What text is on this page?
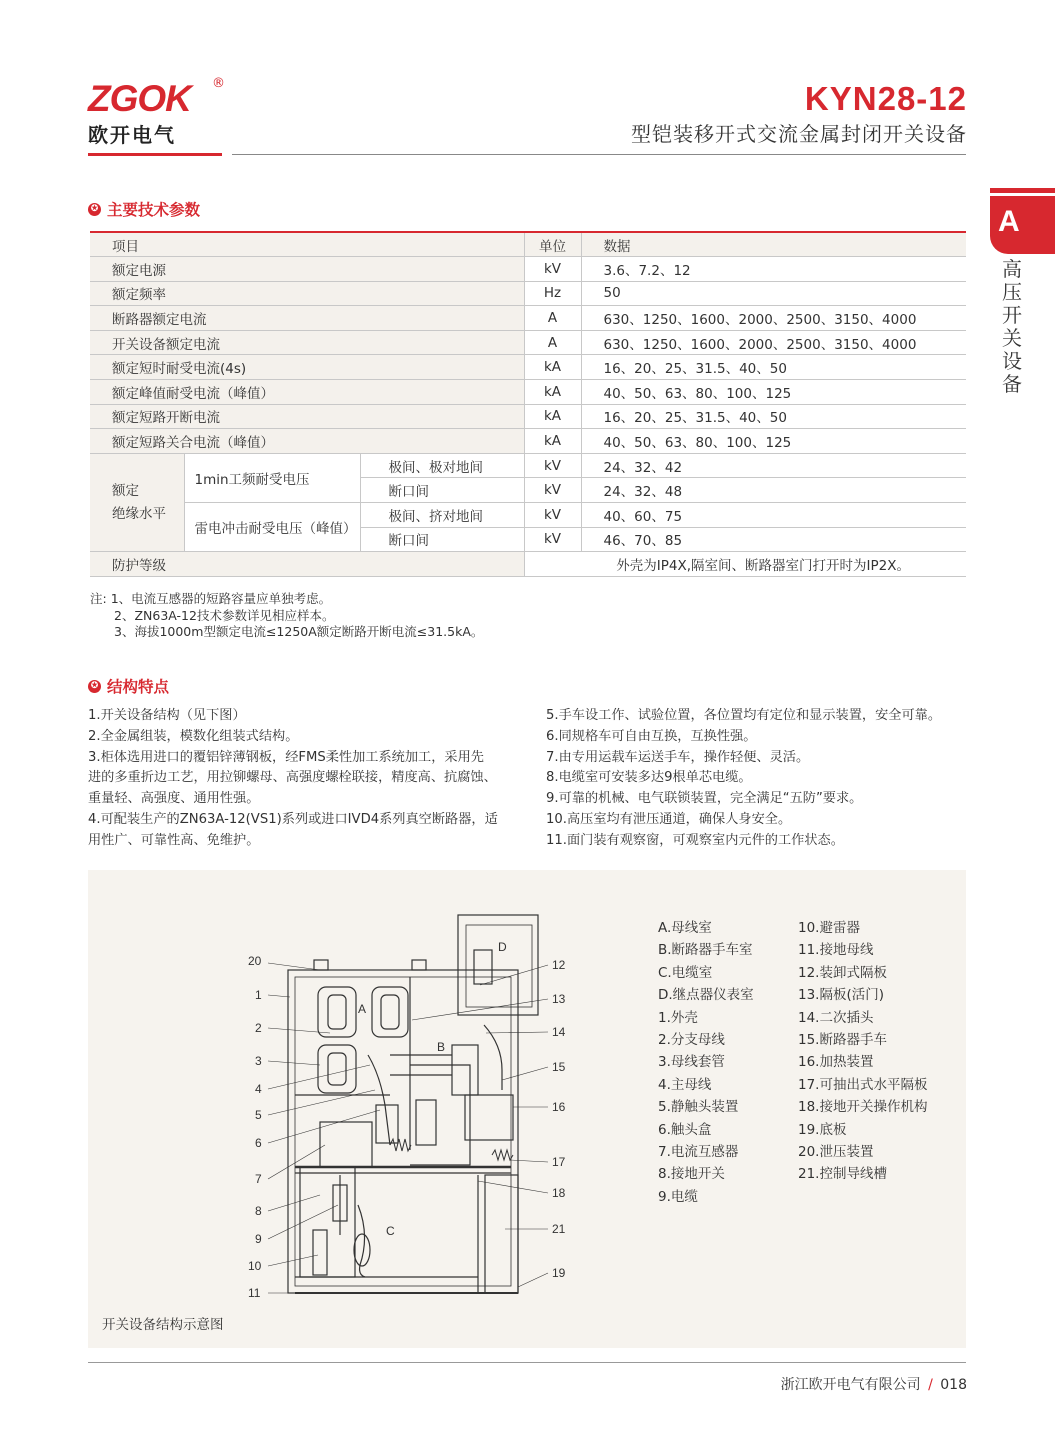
ZGOK	®
欧开电气
KYN28-12
型铠装移开式交流金属封闭开关设备
A
高
压
开
关
设
备
✪ 主要技术参数
项目			单位	数据
额定电源			kV	3.6、7.2、12
额定频率			Hz	50
断路器额定电流			A	630、1250、1600、2000、2500、3150、4000
开关设备额定电流			A	630、1250、1600、2000、2500、3150、4000
额定短时耐受电流(4s)			kA	16、20、25、31.5、40、50
额定峰值耐受电流（峰值）			kA	40、50、63、80、100、125
额定短路开断电流			kA	16、20、25、31.5、40、50
额定短路关合电流（峰值）			kA	40、50、63、80、100、125
额定
绝缘水平	1min工频耐受电压	极间、极对地间	kV	24、32、42
		断口间	kV	24、32、48
	雷电冲击耐受电压（峰值）	极间、挤对地间	kV	40、60、75
		断口间	kV	46、70、85
防护等级			外壳为IP4X,隔室间、断路器室门打开时为IP2X。	
注: 1、电流互感器的短路容量应单独考虑。
2、ZN63A-12技术参数详见相应样本。
3、海拔1000m型额定电流≤1250A额定断路开断电流≤31.5kA。
✪ 结构特点

1.开关设备结构（见下图）

2.全金属组装，模数化组装式结构。

3.柜体选用进口的覆铝锌薄钢板，经FMS柔性加工系统加工，采用先

进的多重折边工艺，用拉铆螺母、高强度螺栓联接，精度高、抗腐蚀、

重量轻、高强度、通用性强。

4.可配装生产的ZN63A-12(VS1)系列或进口IVD4系列真空断路器，适

用性广、可靠性高、免维护。

5.手车设工作、试验位置，各位置均有定位和显示装置，安全可靠。

6.同规格车可自由互换，互换性强。

7.由专用运载车运送手车，操作轻便、灵活。

8.电缆室可安装多达9根单芯电缆。

9.可靠的机械、电气联锁装置，完全满足“五防”要求。

10.高压室均有泄压通道，确保人身安全。

11.面门装有观察窗，可观察室内元件的工作状态。

A
B
C
D
20
1
2
3
4
5
6
7
8
9
10
11
12
13
14
15
16
17
18
21
19
A.母线室
B.断路器手车室
C.电缆室
D.继点器仪表室
1.外壳
2.分支母线
3.母线套管
4.主母线
5.静触头装置
6.触头盒
7.电流互感器
8.接地开关
9.电缆
10.避雷器
11.接地母线
12.装卸式隔板
13.隔板(活门)
14.二次插头
15.断路器手车
16.加热装置
17.可抽出式水平隔板
18.接地开关操作机构
19.底板
20.泄压装置
21.控制导线槽
开关设备结构示意图
浙江欧开电气有限公司 / 018
